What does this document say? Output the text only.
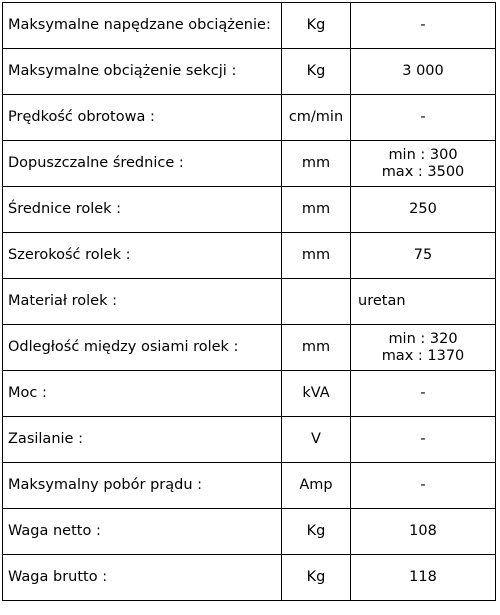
Maksymalne napędzane obciążenie:	Kg	-

Maksymalne obciążenie sekcji :	Kg	3 000

Prędkość obrotowa :	cm/min	-

Dopuszczalne średnice :	mm	min : 300
max : 3500

Średnice rolek :	mm	250

Szerokość rolek :	mm	75

Materiał rolek :		uretan

Odległość między osiami rolek :	mm	min : 320
max : 1370

Moc :	kVA	-

Zasilanie :	V	-

Maksymalny pobór prądu :	Amp	-

Waga netto :	Kg	108

Waga brutto :	Kg	118
